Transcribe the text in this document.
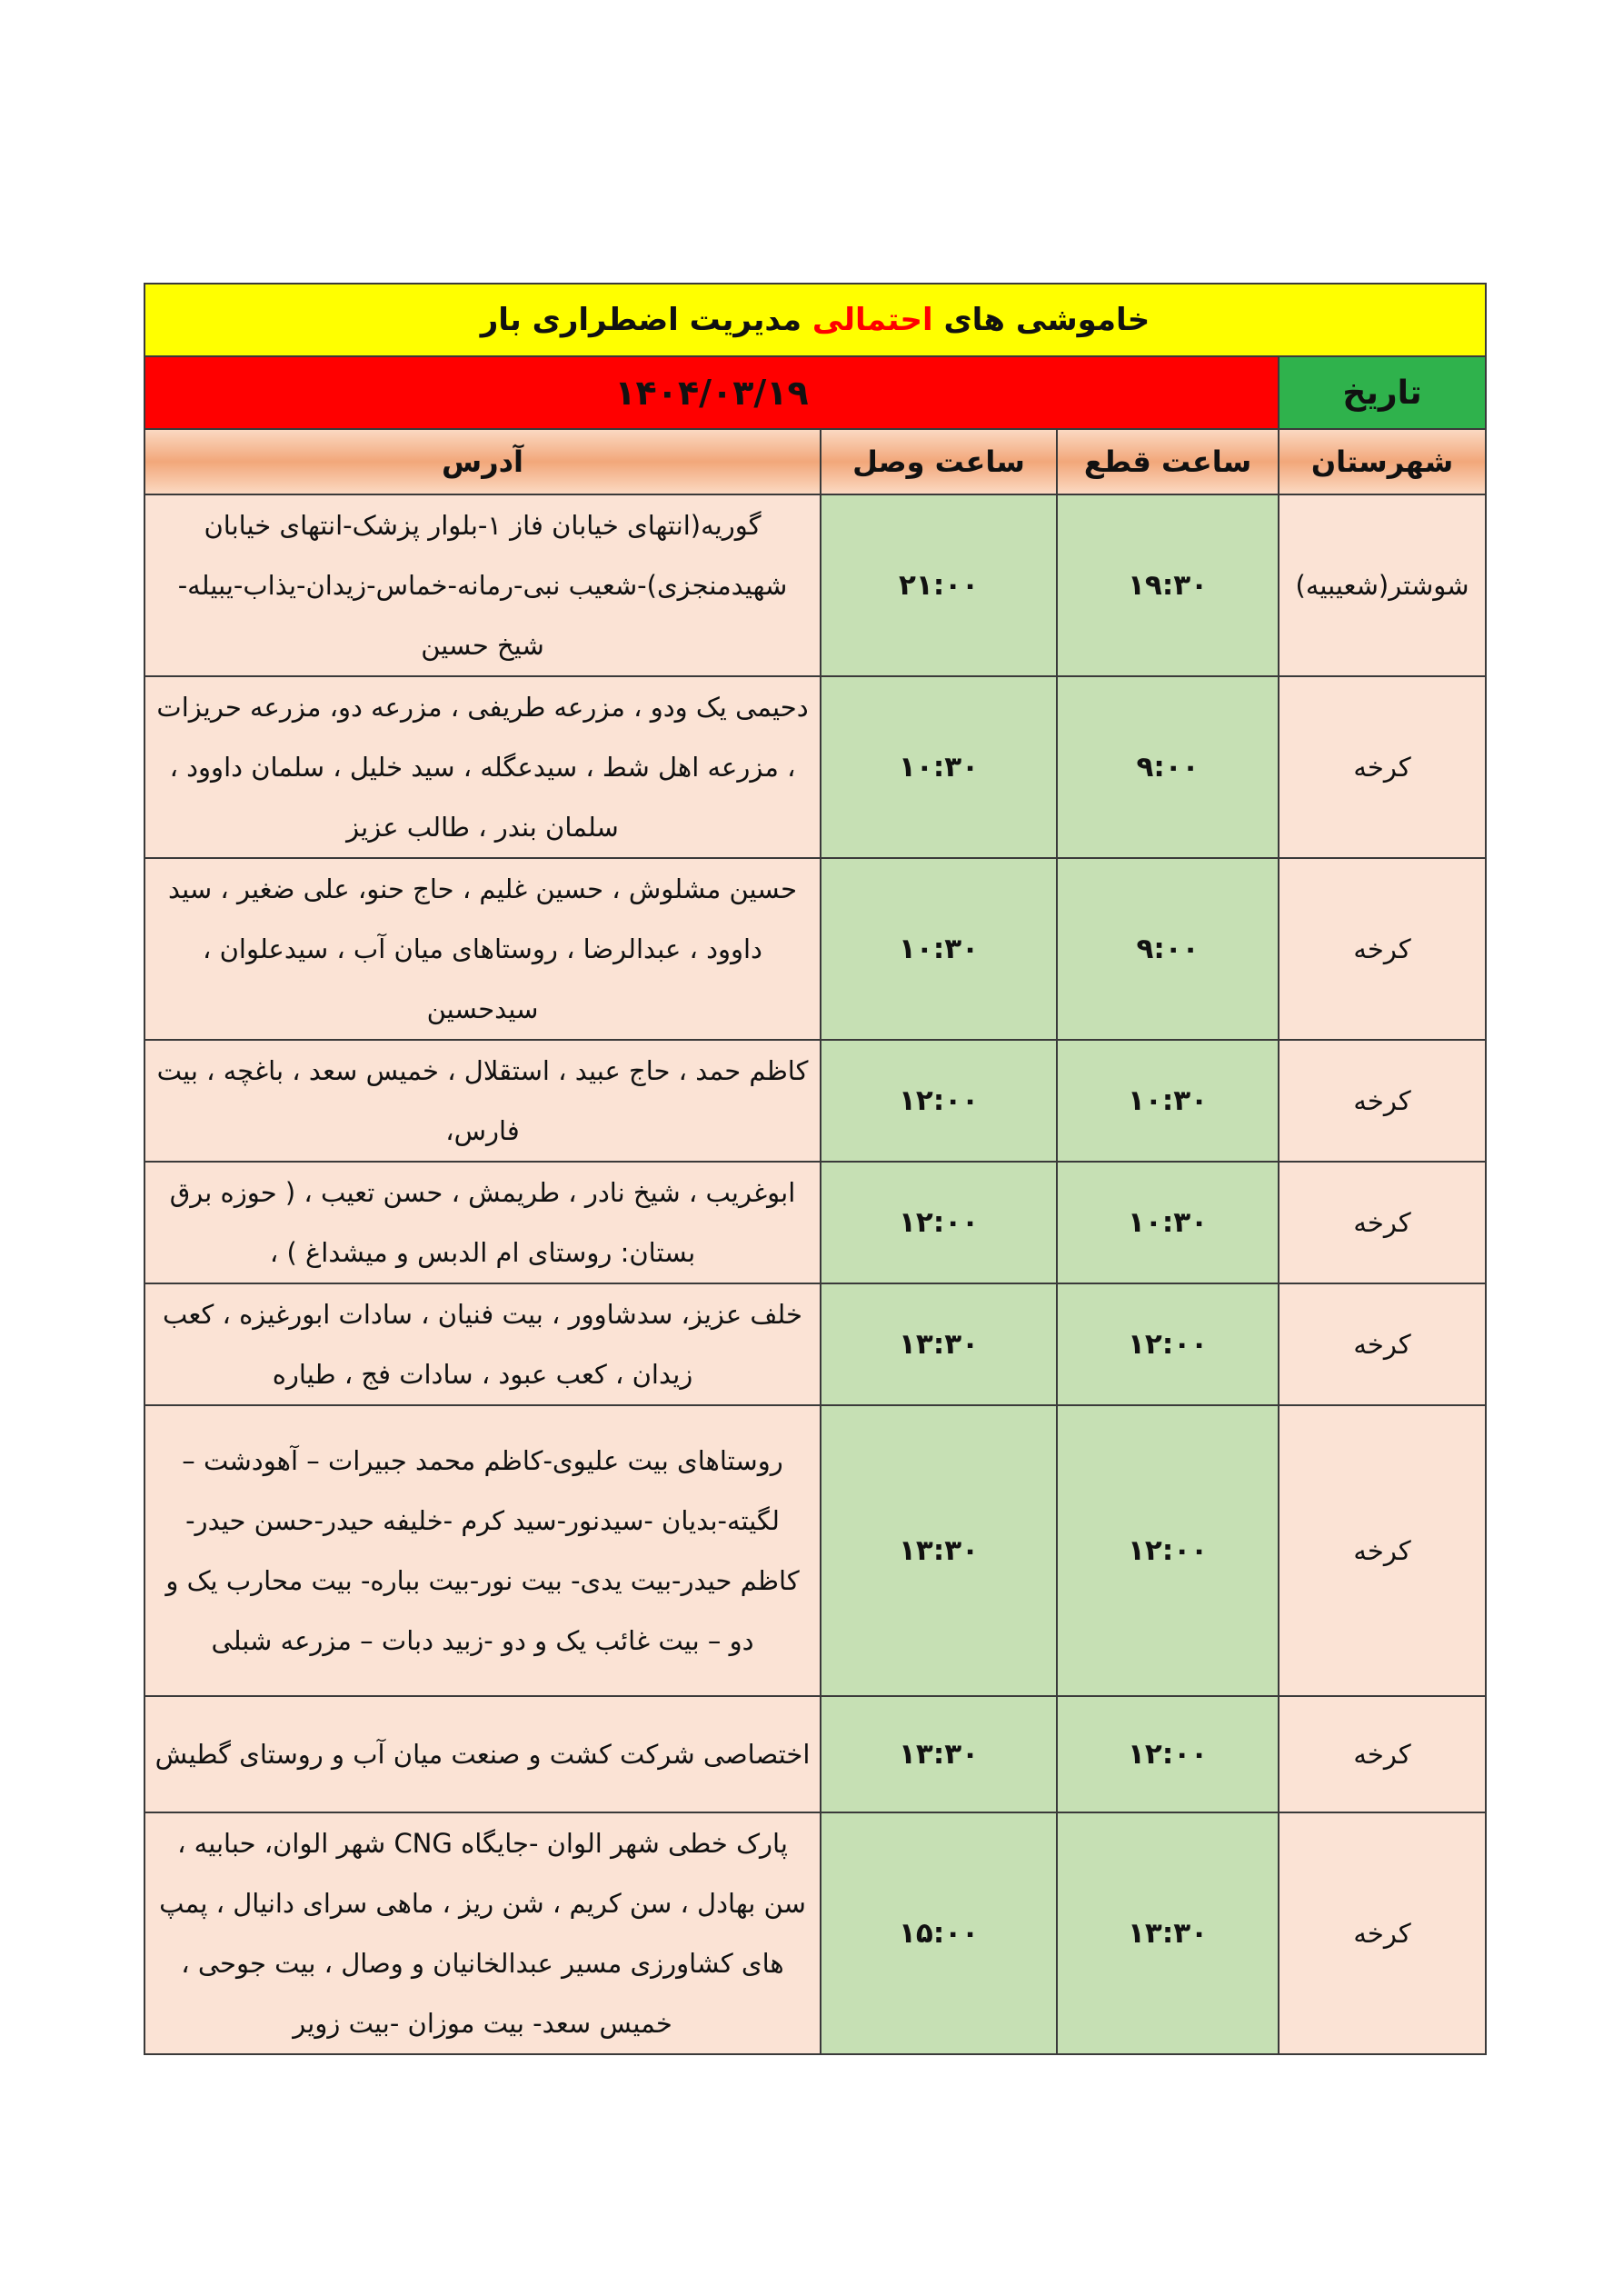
خاموشی های احتمالی مدیریت اضطراری بار			
تاریخ	۱۴۰۴/۰۳/۱۹		
شهرستان	ساعت قطع	ساعت وصل	آدرس
شوشتر(شعیبیه)	۱۹:۳۰	۲۱:۰۰	گوریه(انتهای خیابان فاز ۱-بلوار پزشک-انتهای خیابان شهیدمنجزی)-شعیب نبی-رمانه-خماس-زیدان-یذاب-یبیله- شیخ حسین
کرخه	۹:۰۰	۱۰:۳۰	دحیمی یک ودو ، مزرعه طریفی ، مزرعه دو، مزرعه حریزات ، مزرعه اهل شط ، سیدعگله ، سید خلیل ، سلمان داوود ، سلمان بندر ، طالب عزیز
کرخه	۹:۰۰	۱۰:۳۰	حسین مشلوش ، حسین غلیم ، حاج حنو، علی ضغیر ، سید داوود ، عبدالرضا ، روستاهای میان آب ، سیدعلوان ، سیدحسین
کرخه	۱۰:۳۰	۱۲:۰۰	کاظم حمد ، حاج عبید ، استقلال ، خمیس سعد ، باغچه ، بیت فارس،
کرخه	۱۰:۳۰	۱۲:۰۰	ابوغریب ، شیخ نادر ، طریمش ، حسن تعیب ، ( حوزه برق بستان: روستای ام الدبس و میشداغ ) ،
کرخه	۱۲:۰۰	۱۳:۳۰	خلف عزیز، سدشاوور ، بیت فنیان ، سادات ابورغیزه ، کعب زیدان ، کعب عبود ، سادات فج ، طیاره
کرخه	۱۲:۰۰	۱۳:۳۰	روستاهای بیت علیوی-کاظم محمد جبیرات – آهودشت – لگیته-بدیان -سیدنور-سید کرم -خلیفه حیدر-حسن حیدر- کاظم حیدر-بیت یدی- بیت نور-بیت بباره- بیت محارب یک و دو – بیت غائب یک و دو -زبید دبات – مزرعه شبلی
کرخه	۱۲:۰۰	۱۳:۳۰	اختصاصی شرکت کشت و صنعت میان آب و روستای گطیش
کرخه	۱۳:۳۰	۱۵:۰۰	پارک خطی شهر الوان -جایگاه CNG شهر الوان، حبابیه ، سن بهادل ، سن کریم ، شن ریز ، ماهی سرای دانیال ، پمپ های کشاورزی مسیر عبدالخانیان و وصال ، بیت جوحی ، خمیس سعد- بیت موزان -بیت زویر
